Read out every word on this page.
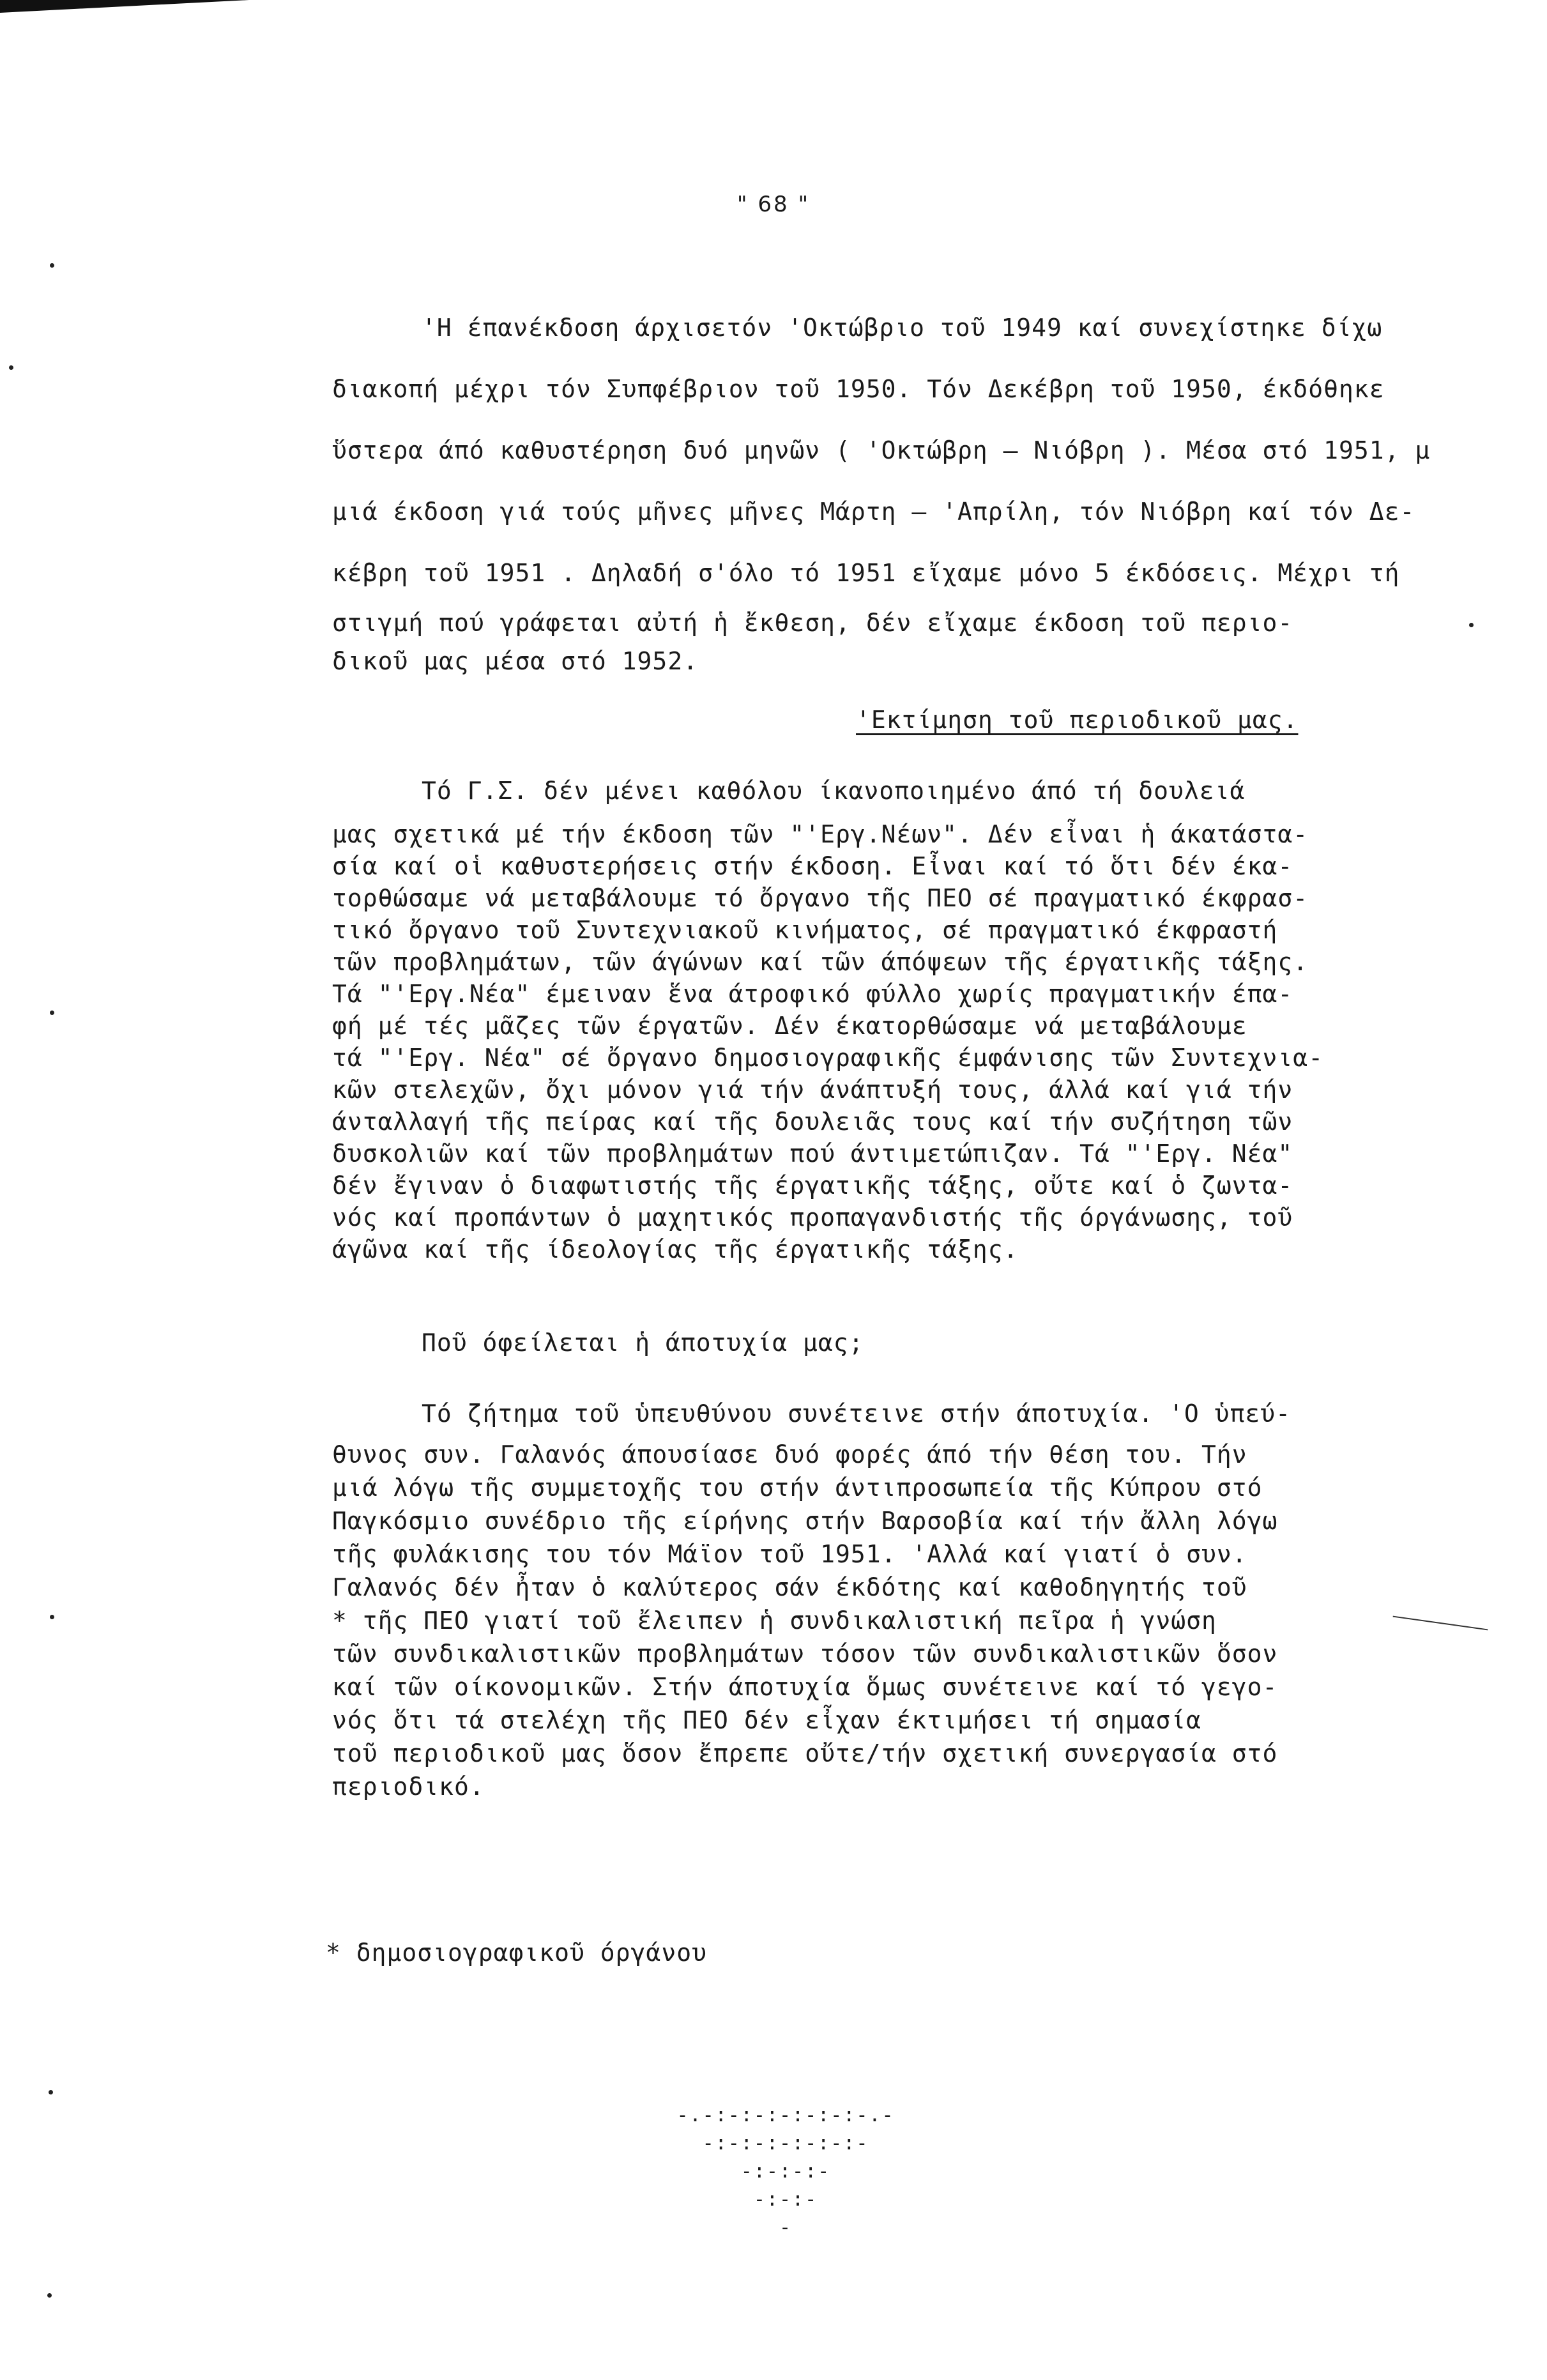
" 68 "
'Η έπανέκδοση άρχισετόν 'Οκτώβριο τοῦ 1949 καί συνεχίστηκε δίχω
διακοπή μέχρι τόν Συπφέβριον τοῦ 1950. Τόν Δεκέβρη τοῦ 1950, έκδόθηκε
ὕστερα άπό καθυστέρηση δυό μηνῶν ( 'Οκτώβρη – Νιόβρη ). Μέσα στό 1951, μ
μιά έκδοση γιά τούς μῆνες μῆνες Μάρτη – 'Απρίλη, τόν Νιόβρη καί τόν Δε-
κέβρη τοῦ 1951 . Δηλαδή σ'όλο τό 1951 εἴχαμε μόνο 5 έκδόσεις. Μέχρι τή
στιγμή πού γράφεται αὐτή ἡ ἔκθεση, δέν εἴχαμε έκδοση τοῦ περιο-
δικοῦ μας μέσα στό 1952.
'Εκτίμηση τοῦ περιοδικοῦ μας.
Τό Γ.Σ. δέν μένει καθόλου ίκανοποιημένο άπό τή δουλειά
μας σχετικά μέ τήν έκδοση τῶν "'Εργ.Νέων". Δέν εἶναι ἡ άκατάστα-
σία καί οἱ καθυστερήσεις στήν έκδοση. Εἶναι καί τό ὅτι δέν έκα-
τορθώσαμε νά μεταβάλουμε τό ὄργανο τῆς ΠΕΟ σέ πραγματικό έκφρασ-
τικό ὄργανο τοῦ Συντεχνιακοῦ κινήματος, σέ πραγματικό έκφραστή
τῶν προβλημάτων, τῶν άγώνων καί τῶν άπόψεων τῆς έργατικῆς τάξης.
Τά "'Εργ.Νέα" έμειναν ἕνα άτροφικό φύλλο χωρίς πραγματικήν έπα-
φή μέ τές μᾶζες τῶν έργατῶν. Δέν έκατορθώσαμε νά μεταβάλουμε
τά "'Εργ. Νέα" σέ ὄργανο δημοσιογραφικῆς έμφάνισης τῶν Συντεχνια-
κῶν στελεχῶν, ὄχι μόνον γιά τήν άνάπτυξή τους, άλλά καί γιά τήν
άνταλλαγή τῆς πείρας καί τῆς δουλειᾶς τους καί τήν συζήτηση τῶν
δυσκολιῶν καί τῶν προβλημάτων πού άντιμετώπιζαν. Τά "'Εργ. Νέα"
δέν ἔγιναν ὁ διαφωτιστής τῆς έργατικῆς τάξης, οὔτε καί ὁ ζωντα-
νός καί προπάντων ὁ μαχητικός προπαγανδιστής τῆς όργάνωσης, τοῦ
άγῶνα καί τῆς ίδεολογίας τῆς έργατικῆς τάξης.
Ποῦ όφείλεται ἡ άποτυχία μας;
Τό ζήτημα τοῦ ὑπευθύνου συνέτεινε στήν άποτυχία. 'Ο ὑπεύ-
θυνος συν. Γαλανός άπουσίασε δυό φορές άπό τήν θέση του. Τήν
μιά λόγω τῆς συμμετοχῆς του στήν άντιπροσωπεία τῆς Κύπρου στό
Παγκόσμιο συνέδριο τῆς είρήνης στήν Βαρσοβία καί τήν ἄλλη λόγω
τῆς φυλάκισης του τόν Μάϊον τοῦ 1951. 'Αλλά καί γιατί ὁ συν.
Γαλανός δέν ἦταν ὁ καλύτερος σάν έκδότης καί καθοδηγητής τοῦ
* τῆς ΠΕΟ γιατί τοῦ ἔλειπεν ἡ συνδικαλιστική πεῖρα ἡ γνώση
τῶν συνδικαλιστικῶν προβλημάτων τόσον τῶν συνδικαλιστικῶν ὅσον
καί τῶν οίκονομικῶν. Στήν άποτυχία ὅμως συνέτεινε καί τό γεγο-
νός ὅτι τά στελέχη τῆς ΠΕΟ δέν εἶχαν έκτιμήσει τή σημασία
τοῦ περιοδικοῦ μας ὅσον ἔπρεπε οὔτε/τήν σχετική συνεργασία στό
περιοδικό.
* δημοσιογραφικοῦ όργάνου
-.-:-:-:-:-:-:-.-
-:-:-:-:-:-:-
-:-:-:-
-:-:-
-
